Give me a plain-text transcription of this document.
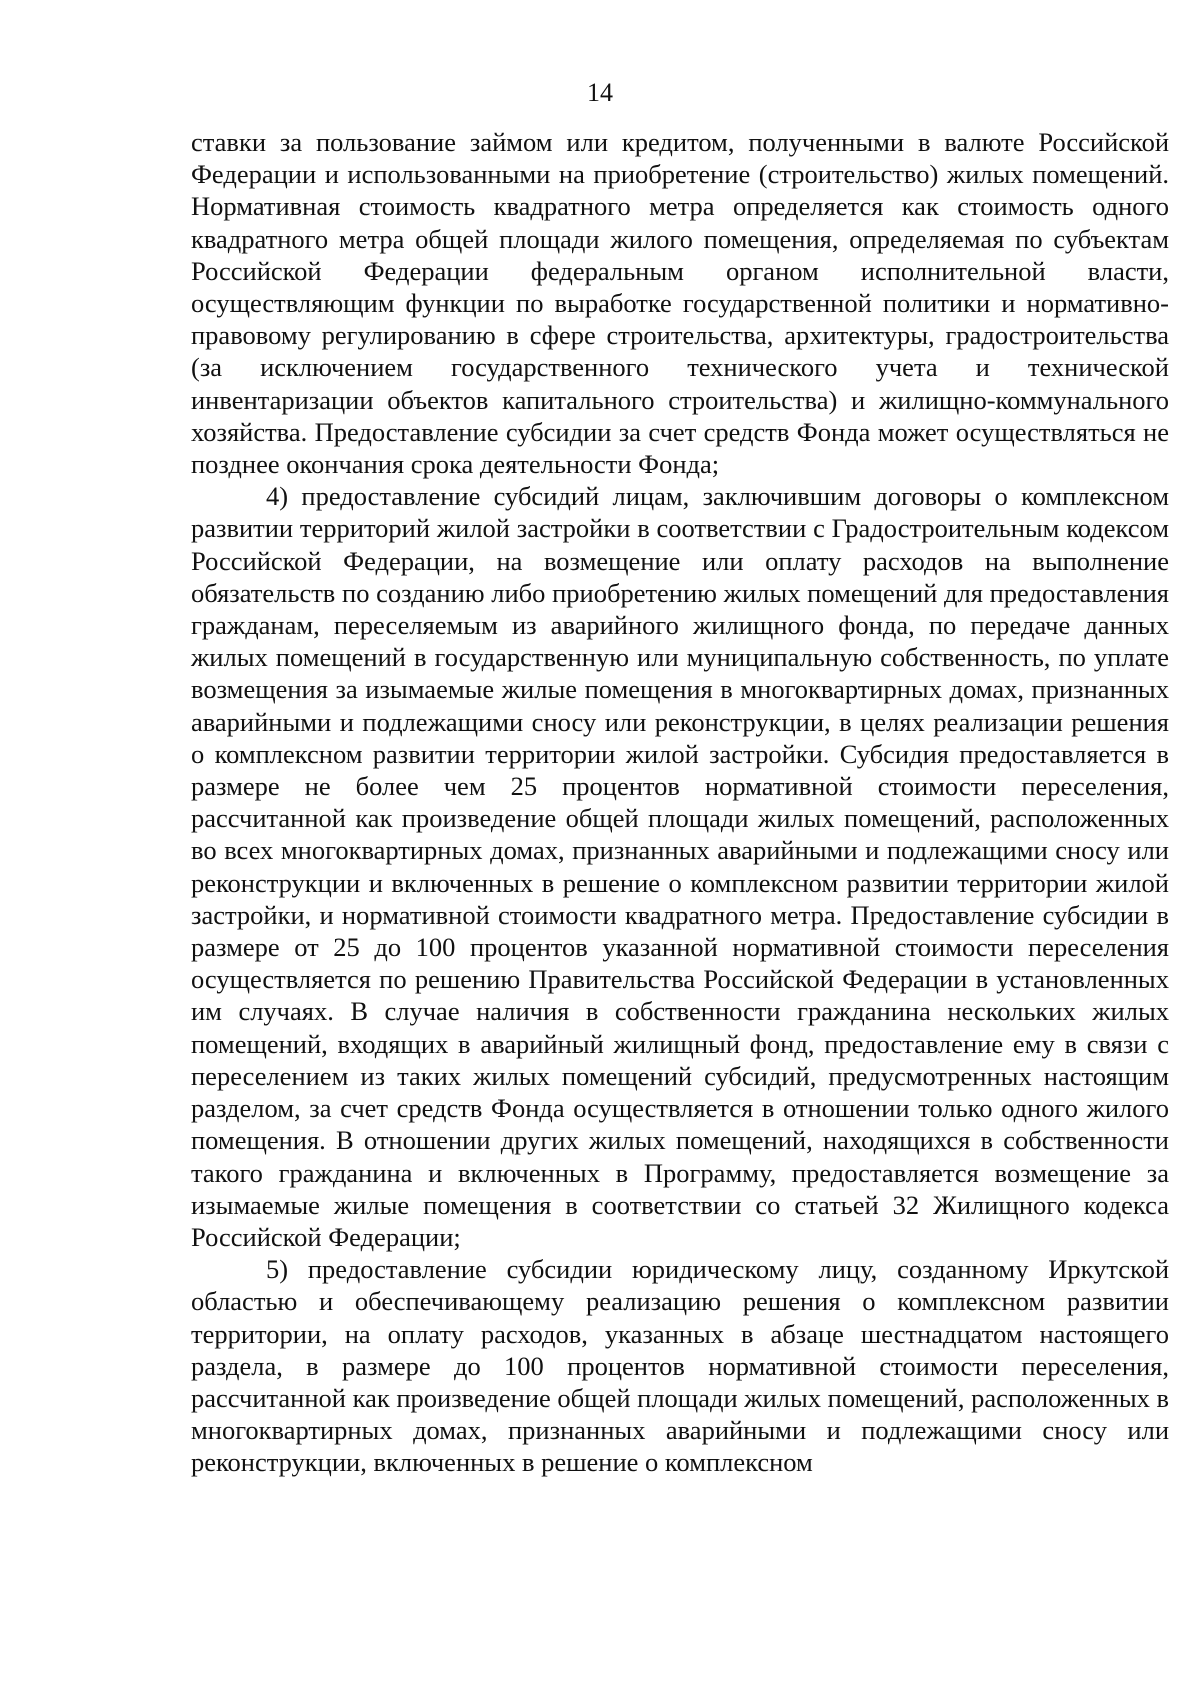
14

ставки за пользование займом или кредитом, полученными в валюте Российской Федерации и использованными на приобретение (строительство) жилых помещений. Нормативная стоимость квадратного метра определяется как стоимость одного квадратного метра общей площади жилого помещения, определяемая по субъектам Российской Федерации федеральным органом исполнительной власти, осуществляющим функции по выработке государственной политики и нормативно-правовому регулированию в сфере строительства, архитектуры, градостроительства (за исключением государственного технического учета и технической инвентаризации объектов капитального строительства) и жилищно-коммунального хозяйства. Предоставление субсидии за счет средств Фонда может осуществляться не позднее окончания срока деятельности Фонда;

4) предоставление субсидий лицам, заключившим договоры о комплексном развитии территорий жилой застройки в соответствии с Градостроительным кодексом Российской Федерации, на возмещение или оплату расходов на выполнение обязательств по созданию либо приобретению жилых помещений для предоставления гражданам, переселяемым из аварийного жилищного фонда, по передаче данных жилых помещений в государственную или муниципальную собственность, по уплате возмещения за изымаемые жилые помещения в многоквартирных домах, признанных аварийными и подлежащими сносу или реконструкции, в целях реализации решения о комплексном развитии территории жилой застройки. Субсидия предоставляется в размере не более чем 25 процентов нормативной стоимости переселения, рассчитанной как произведение общей площади жилых помещений, расположенных во всех многоквартирных домах, признанных аварийными и подлежащими сносу или реконструкции и включенных в решение о комплексном развитии территории жилой застройки, и нормативной стоимости квадратного метра. Предоставление субсидии в размере от 25 до 100 процентов указанной нормативной стоимости переселения осуществляется по решению Правительства Российской Федерации в установленных им случаях. В случае наличия в собственности гражданина нескольких жилых помещений, входящих в аварийный жилищный фонд, предоставление ему в связи с переселением из таких жилых помещений субсидий, предусмотренных настоящим разделом, за счет средств Фонда осуществляется в отношении только одного жилого помещения. В отношении других жилых помещений, находящихся в собственности такого гражданина и включенных в Программу, предоставляется возмещение за изымаемые жилые помещения в соответствии со статьей 32 Жилищного кодекса Российской Федерации;

5) предоставление субсидии юридическому лицу, созданному Иркутской областью и обеспечивающему реализацию решения о комплексном развитии территории, на оплату расходов, указанных в абзаце шестнадцатом настоящего раздела, в размере до 100 процентов нормативной стоимости переселения, рассчитанной как произведение общей площади жилых помещений, расположенных в многоквартирных домах, признанных аварийными и подлежащими сносу или реконструкции, включенных в решение о комплексном
